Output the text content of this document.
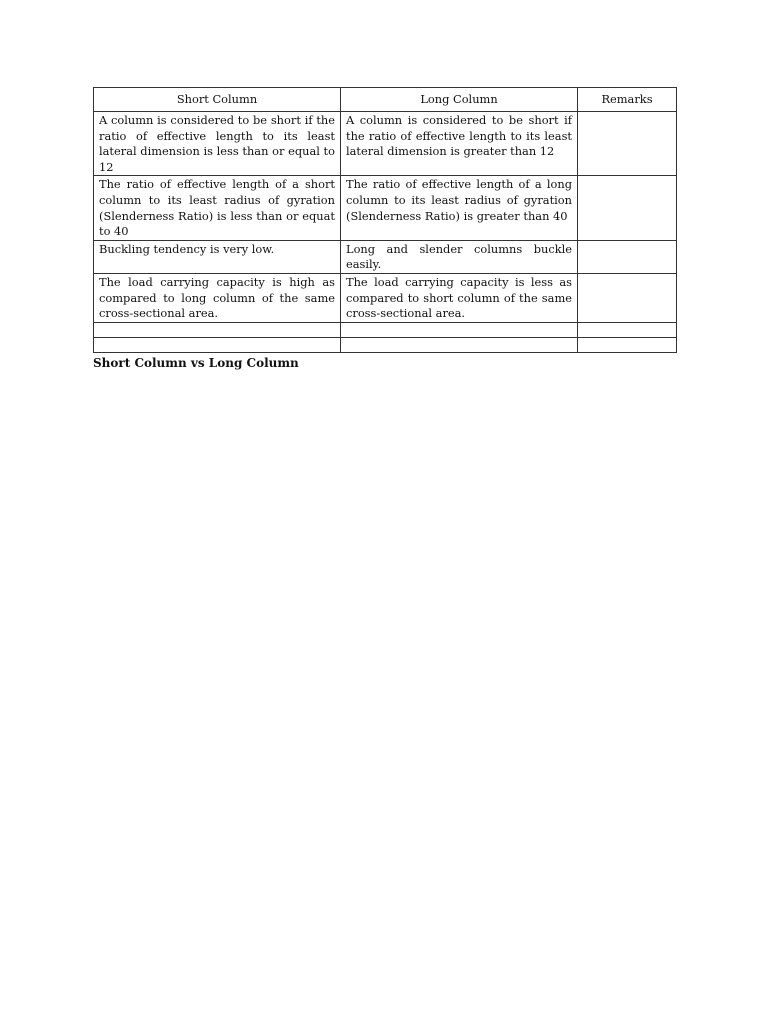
Short Column	Long Column	Remarks
A column is considered to be short if the ratio of effective length to its least lateral dimension is less than or equal to 12	A column is considered to be short if the ratio of effective length to its least lateral dimension is greater than 12	
The ratio of effective length of a short column to its least radius of gyration (Slenderness Ratio) is less than or equat to 40	The ratio of effective length of a long column to its least radius of gyration (Slenderness Ratio) is greater than 40	
Buckling tendency is very low.	Long and slender columns buckle easily.	
The load carrying capacity is high as compared to long column of the same cross-sectional area.	The load carrying capacity is less as compared to short column of the same cross-sectional area.	

Short Column vs Long Column
